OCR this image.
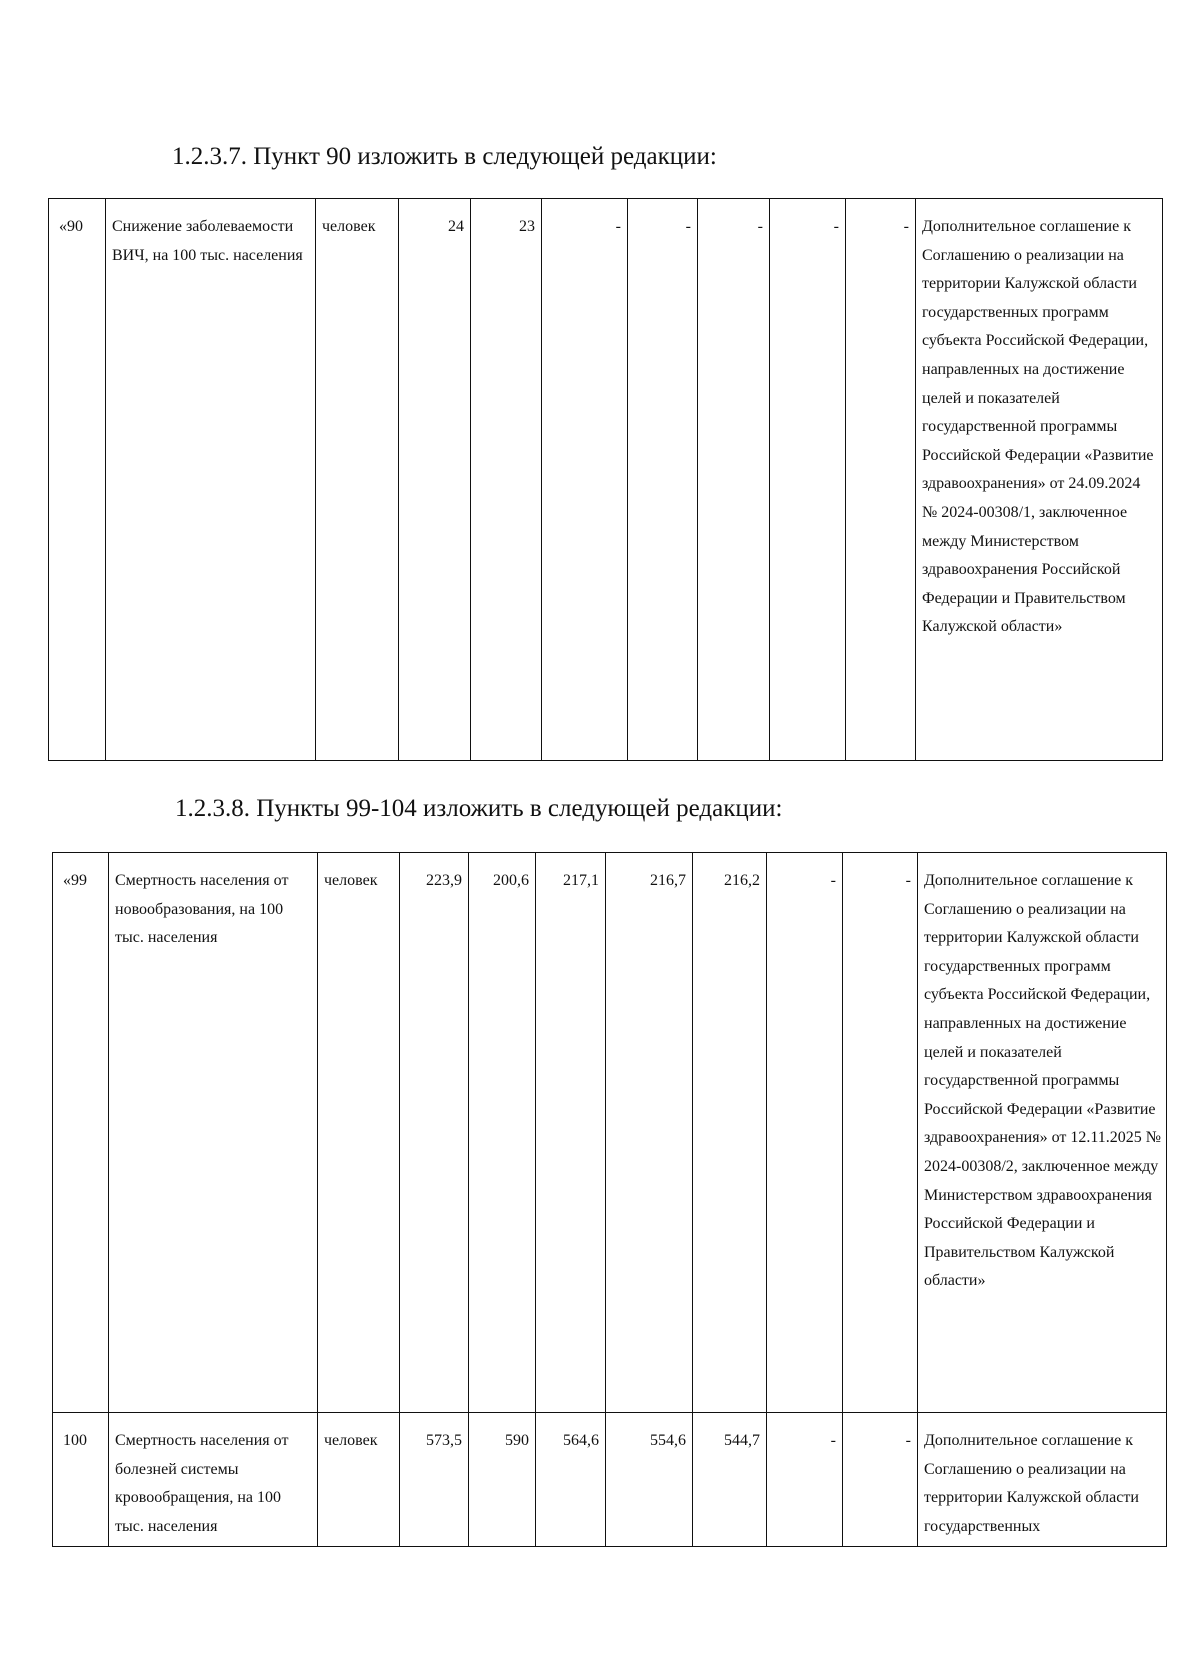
1.2.3.7. Пункт 90 изложить в следующей редакции:
«90	Снижение заболеваемости ВИЧ, на 100 тыс. населения	человек	24	23	-	-	-	-	-	Дополнительное соглашение к Соглашению о реализации на территории Калужской области государственных программ субъекта Российской Федерации, направленных на достижение целей и показателей государственной программы Российской Федерации «Развитие здравоохранения» от 24.09.2024 № 2024-00308/1, заключенное между Министерством здравоохранения Российской Федерации и Правительством Калужской области»
1.2.3.8. Пункты 99-104 изложить в следующей редакции:
«99	Смертность населения от новообразования, на 100 тыс. населения	человек	223,9	200,6	217,1	216,7	216,2	-	-	Дополнительное соглашение к Соглашению о реализации на территории Калужской области государственных программ субъекта Российской Федерации, направленных на достижение целей и показателей государственной программы Российской Федерации «Развитие здравоохранения» от 12.11.2025 № 2024-00308/2, заключенное между Министерством здравоохранения Российской Федерации и Правительством Калужской области»
100	Смертность населения от болезней системы кровообращения, на 100 тыс. населения	человек	573,5	590	564,6	554,6	544,7	-	-	Дополнительное соглашение к Соглашению о реализации на территории Калужской области государственных
